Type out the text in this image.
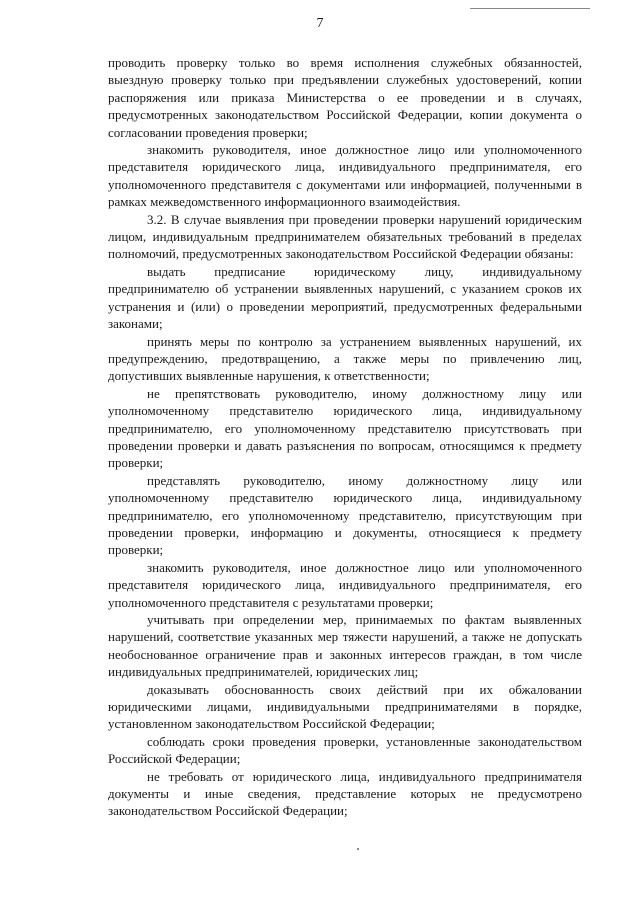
7

проводить проверку только во время исполнения служебных обязанностей, выездную проверку только при предъявлении служебных удостоверений, копии распоряжения или приказа Министерства о ее проведении и в случаях, предусмотренных законодательством Российской Федерации, копии документа о согласовании проведения проверки;

знакомить руководителя, иное должностное лицо или уполномоченного представителя юридического лица, индивидуального предпринимателя, его уполномоченного представителя с документами или информацией, полученными в рамках межведомственного информационного взаимодействия.

3.2. В случае выявления при проведении проверки нарушений юридическим лицом, индивидуальным предпринимателем обязательных требований в пределах полномочий, предусмотренных законодательством Российской Федерации обязаны:

выдать предписание юридическому лицу, индивидуальному предпринимателю об устранении выявленных нарушений, с указанием сроков их устранения и (или) о проведении мероприятий, предусмотренных федеральными законами;

принять меры по контролю за устранением выявленных нарушений, их предупреждению, предотвращению, а также меры по привлечению лиц, допустивших выявленные нарушения, к ответственности;

не препятствовать руководителю, иному должностному лицу или уполномоченному представителю юридического лица, индивидуальному предпринимателю, его уполномоченному представителю присутствовать при проведении проверки и давать разъяснения по вопросам, относящимся к предмету проверки;

представлять руководителю, иному должностному лицу или уполномоченному представителю юридического лица, индивидуальному предпринимателю, его уполномоченному представителю, присутствующим при проведении проверки, информацию и документы, относящиеся к предмету проверки;

знакомить руководителя, иное должностное лицо или уполномоченного представителя юридического лица, индивидуального предпринимателя, его уполномоченного представителя с результатами проверки;

учитывать при определении мер, принимаемых по фактам выявленных нарушений, соответствие указанных мер тяжести нарушений, а также не допускать необоснованное ограничение прав и законных интересов граждан, в том числе индивидуальных предпринимателей, юридических лиц;

доказывать обоснованность своих действий при их обжаловании юридическими лицами, индивидуальными предпринимателями в порядке, установленном законодательством Российской Федерации;

соблюдать сроки проведения проверки, установленные законодательством Российской Федерации;

не требовать от юридического лица, индивидуального предпринимателя документы и иные сведения, представление которых не предусмотрено законодательством Российской Федерации;
